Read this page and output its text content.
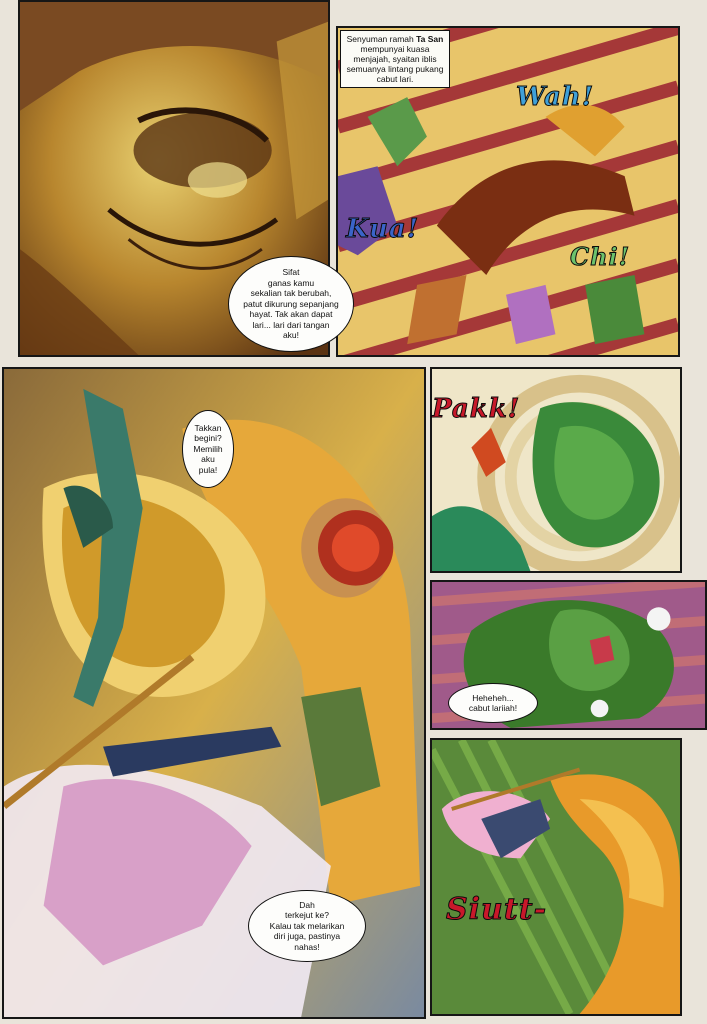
Senyuman ramah Ta San mempunyai kuasa menjajah, syaitan iblis semuanya lintang pukang cabut lari.
Sifat
ganas kamu
sekalian tak berubah,
patut dikurung sepanjang
hayat. Tak akan dapat
lari... lari dari tangan
aku!
Takkan
begini?
Memilih
aku
pula!
Heheheh...
cabut lariiah!
Dah
terkejut ke?
Kalau tak melarikan
diri juga, pastinya
nahas!
Wah!
Kua!
Chi!
Pakk!
Siutt-
